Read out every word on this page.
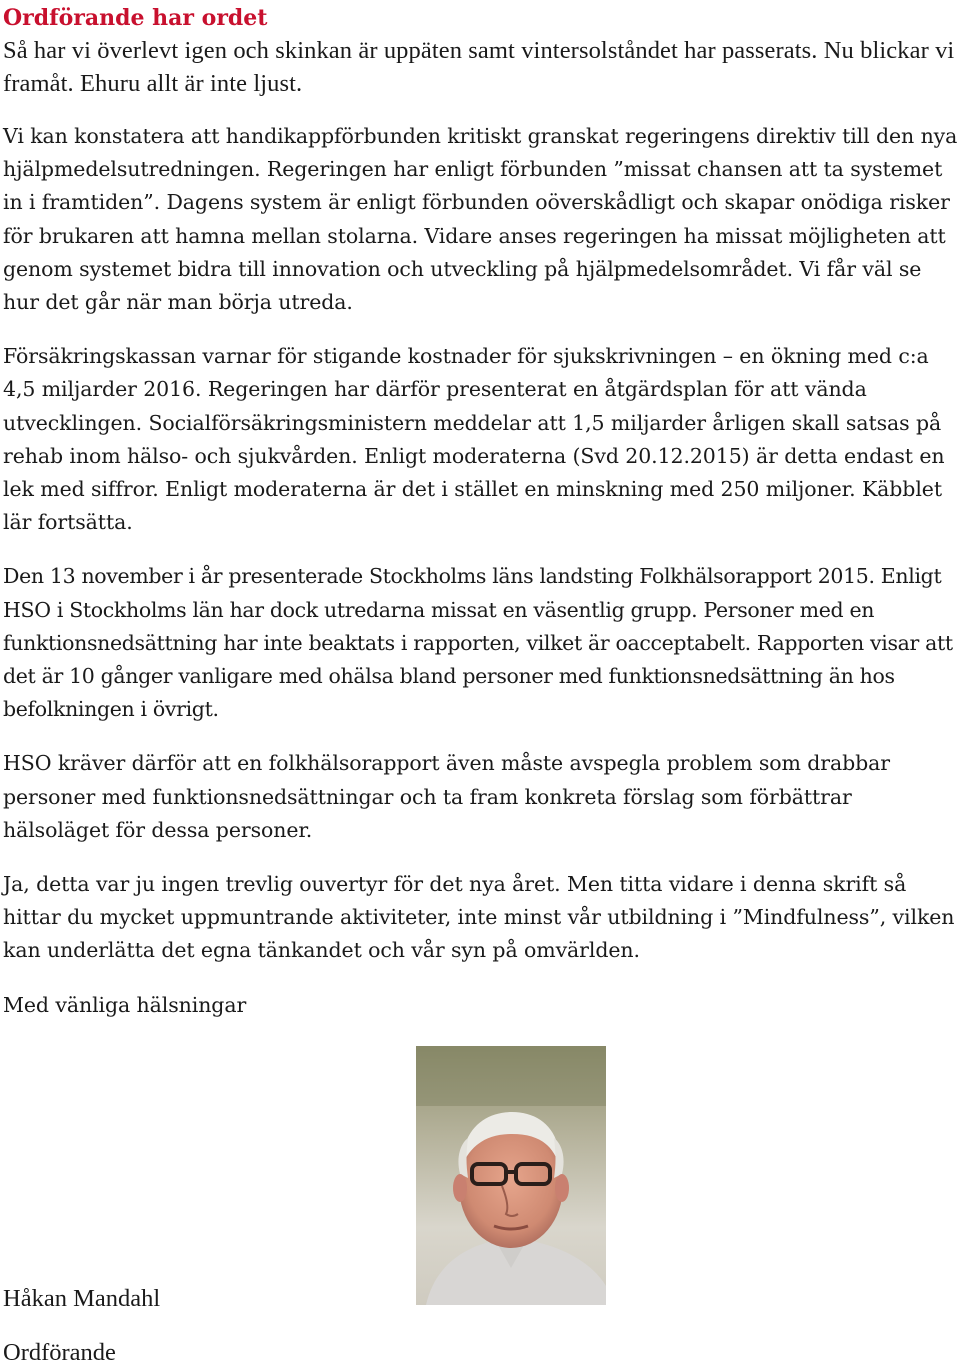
Ordförande har ordet

Så har vi överlevt igen och skinkan är uppäten samt vintersolståndet har passerats. Nu blickar vi framåt. Ehuru allt är inte ljust.

Vi kan konstatera att handikappförbunden kritiskt granskat regeringens direktiv till den nya hjälpmedelsutredningen. Regeringen har enligt förbunden ”missat chansen att ta systemet in i framtiden”. Dagens system är enligt förbunden oöverskådligt och skapar onödiga risker för brukaren att hamna mellan stolarna. Vidare anses regeringen ha missat möjligheten att genom systemet bidra till innovation och utveckling på hjälpmedelsområdet. Vi får väl se hur det går när man börja utreda.

Försäkringskassan varnar för stigande kostnader för sjukskrivningen – en ökning med c:a 4,5 miljarder 2016. Regeringen har därför presenterat en åtgärdsplan för att vända utvecklingen. Socialförsäkringsministern meddelar att 1,5 miljarder årligen skall satsas på rehab inom hälso- och sjukvården. Enligt moderaterna (Svd 20.12.2015) är detta endast en lek med siffror. Enligt moderaterna är det i stället en minskning med 250 miljoner. Käbblet lär fortsätta.

Den 13 november i år presenterade Stockholms läns landsting Folkhälsorapport 2015. Enligt HSO i Stockholms län har dock utredarna missat en väsentlig grupp. Personer med en funktionsnedsättning har inte beaktats i rapporten, vilket är oacceptabelt. Rapporten visar att det är 10 gånger vanligare med ohälsa bland personer med funktionsnedsättning än hos befolkningen i övrigt.

HSO kräver därför att en folkhälsorapport även måste avspegla problem som drabbar personer med funktionsnedsättningar och ta fram konkreta förslag som förbättrar hälsoläget för dessa personer.

Ja, detta var ju ingen trevlig ouvertyr för det nya året. Men titta vidare i denna skrift så hittar du mycket uppmuntrande aktiviteter, inte minst vår utbildning i ”Mindfulness”, vilken kan underlätta det egna tänkandet och vår syn på omvärlden.

Med vänliga hälsningar

Håkan Mandahl

Ordförande
